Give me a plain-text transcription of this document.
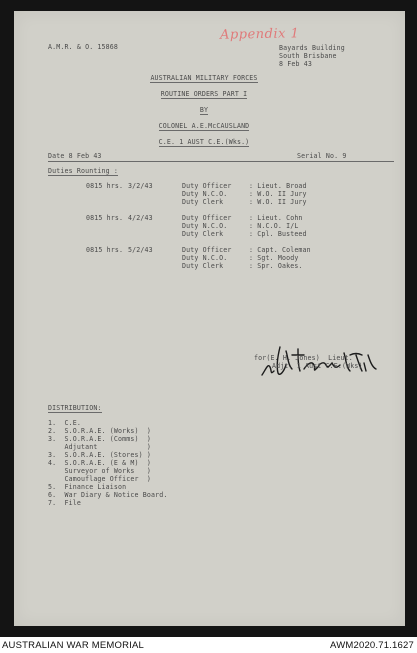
A.M.R. & O. 15868
Appendix 1
Bayards Building
South Brisbane
8 Feb 43
AUSTRALIAN MILITARY FORCES
ROUTINE ORDERS PART I
BY
COLONEL A.E.McCAUSLAND
C.E. 1 AUST C.E.(Wks.)
Date 8 Feb 43	Serial No. 9
Duties Rounting :
0815 hrs. 3/2/43	Duty Officer	: Lieut. Broad
Duty N.C.O.	: W.O. II Jury
Duty Clerk	: W.O. II Jury
0815 hrs. 4/2/43	Duty Officer	: Lieut. Cohn
Duty N.C.O.	: N.C.O. I/L
Duty Clerk	: Cpl. Busteed
0815 hrs. 5/2/43	Duty Officer	: Capt. Coleman
Duty N.C.O.	: Sgt. Moody
Duty Clerk	: Spr. Oakes.
for(E. H. Jones)  Lieut.
Adjt. 1 Aust C.E.(Wks)
DISTRIBUTION:
1.  C.E.
2.  S.O.R.A.E. (Works)  )
3.  S.O.R.A.E. (Comms)  )
Adjutant            )
3.  S.O.R.A.E. (Stores) )
4.  S.O.R.A.E. (E & M)  )
Surveyor of Works   )
Camouflage Officer  )
5.  Finance Liaison
6.  War Diary & Notice Board.
7.  File
AUSTRALIAN WAR MEMORIAL	AWM2020.71.1627
